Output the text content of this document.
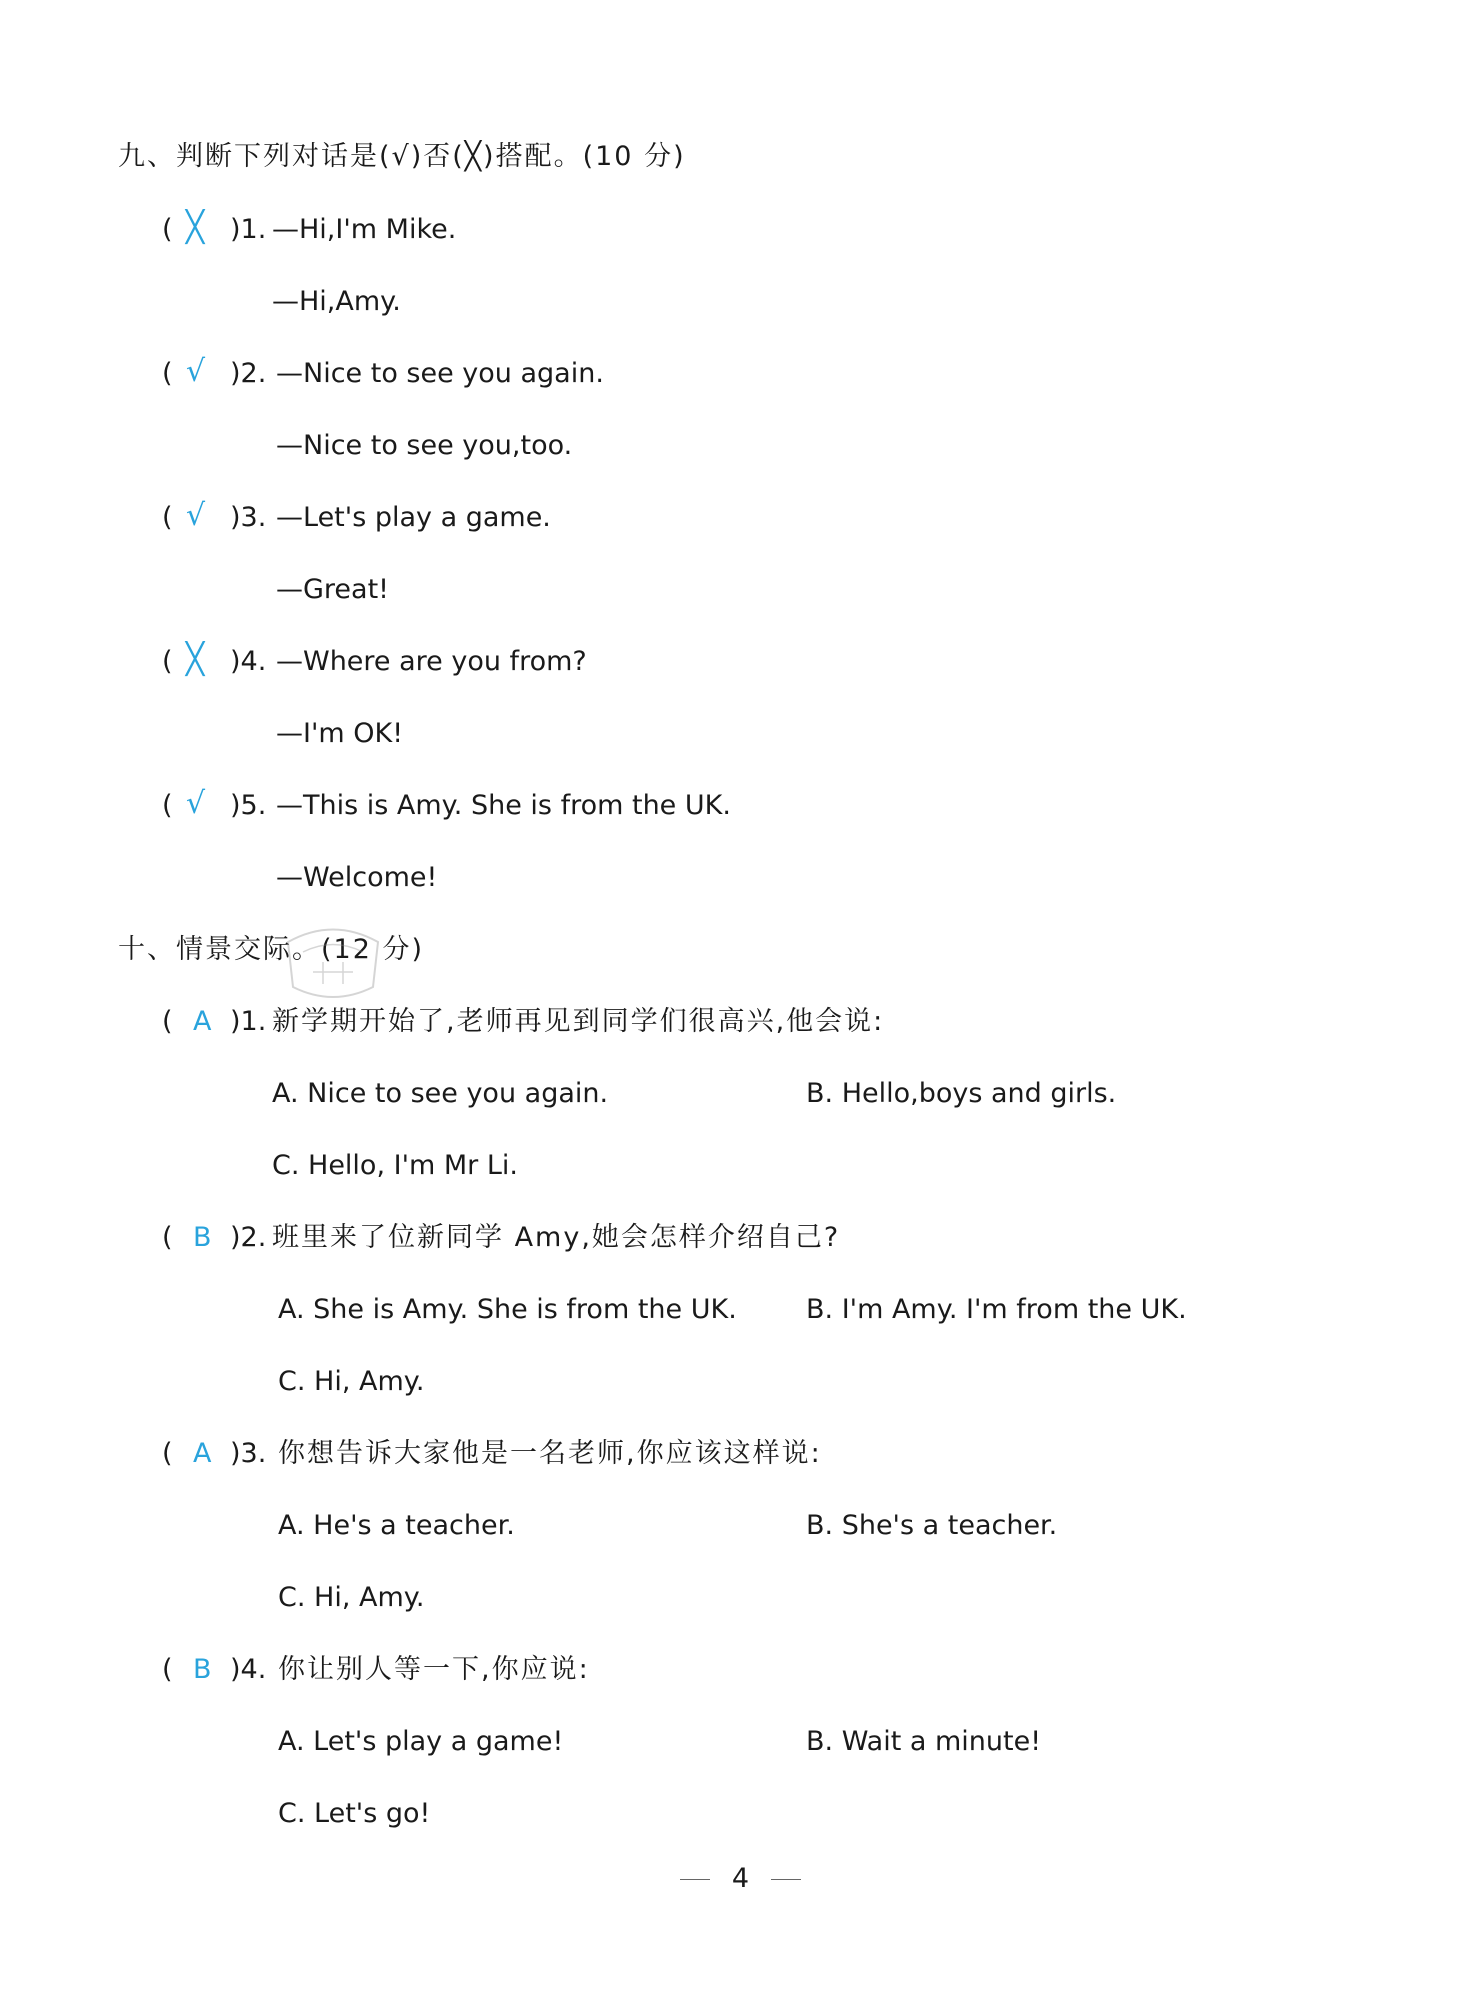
九、判断下列对话是(√)否(╳)搭配。(10 分)
( ╳ )1. —Hi,I'm Mike.
—Hi,Amy.
( √ )2. —Nice to see you again.
—Nice to see you,too.
( √ )3. —Let's play a game.
—Great!
( ╳ )4. —Where are you from?
—I'm OK!
( √ )5. —This is Amy. She is from the UK.
—Welcome!
十、情景交际。(12 分)
( A )1. 新学期开始了,老师再见到同学们很高兴,他会说:
A. Nice to see you again.	B. Hello,boys and girls.
C. Hello, I'm Mr Li.
( B )2. 班里来了位新同学 Amy,她会怎样介绍自己?
A. She is Amy. She is from the UK.	B. I'm Amy. I'm from the UK.
C. Hi, Amy.
( A )3. 你想告诉大家他是一名老师,你应该这样说:
A. He's a teacher.	B. She's a teacher.
C. Hi, Amy.
( B )4. 你让别人等一下,你应说:
A. Let's play a game!	B. Wait a minute!
C. Let's go!
4
